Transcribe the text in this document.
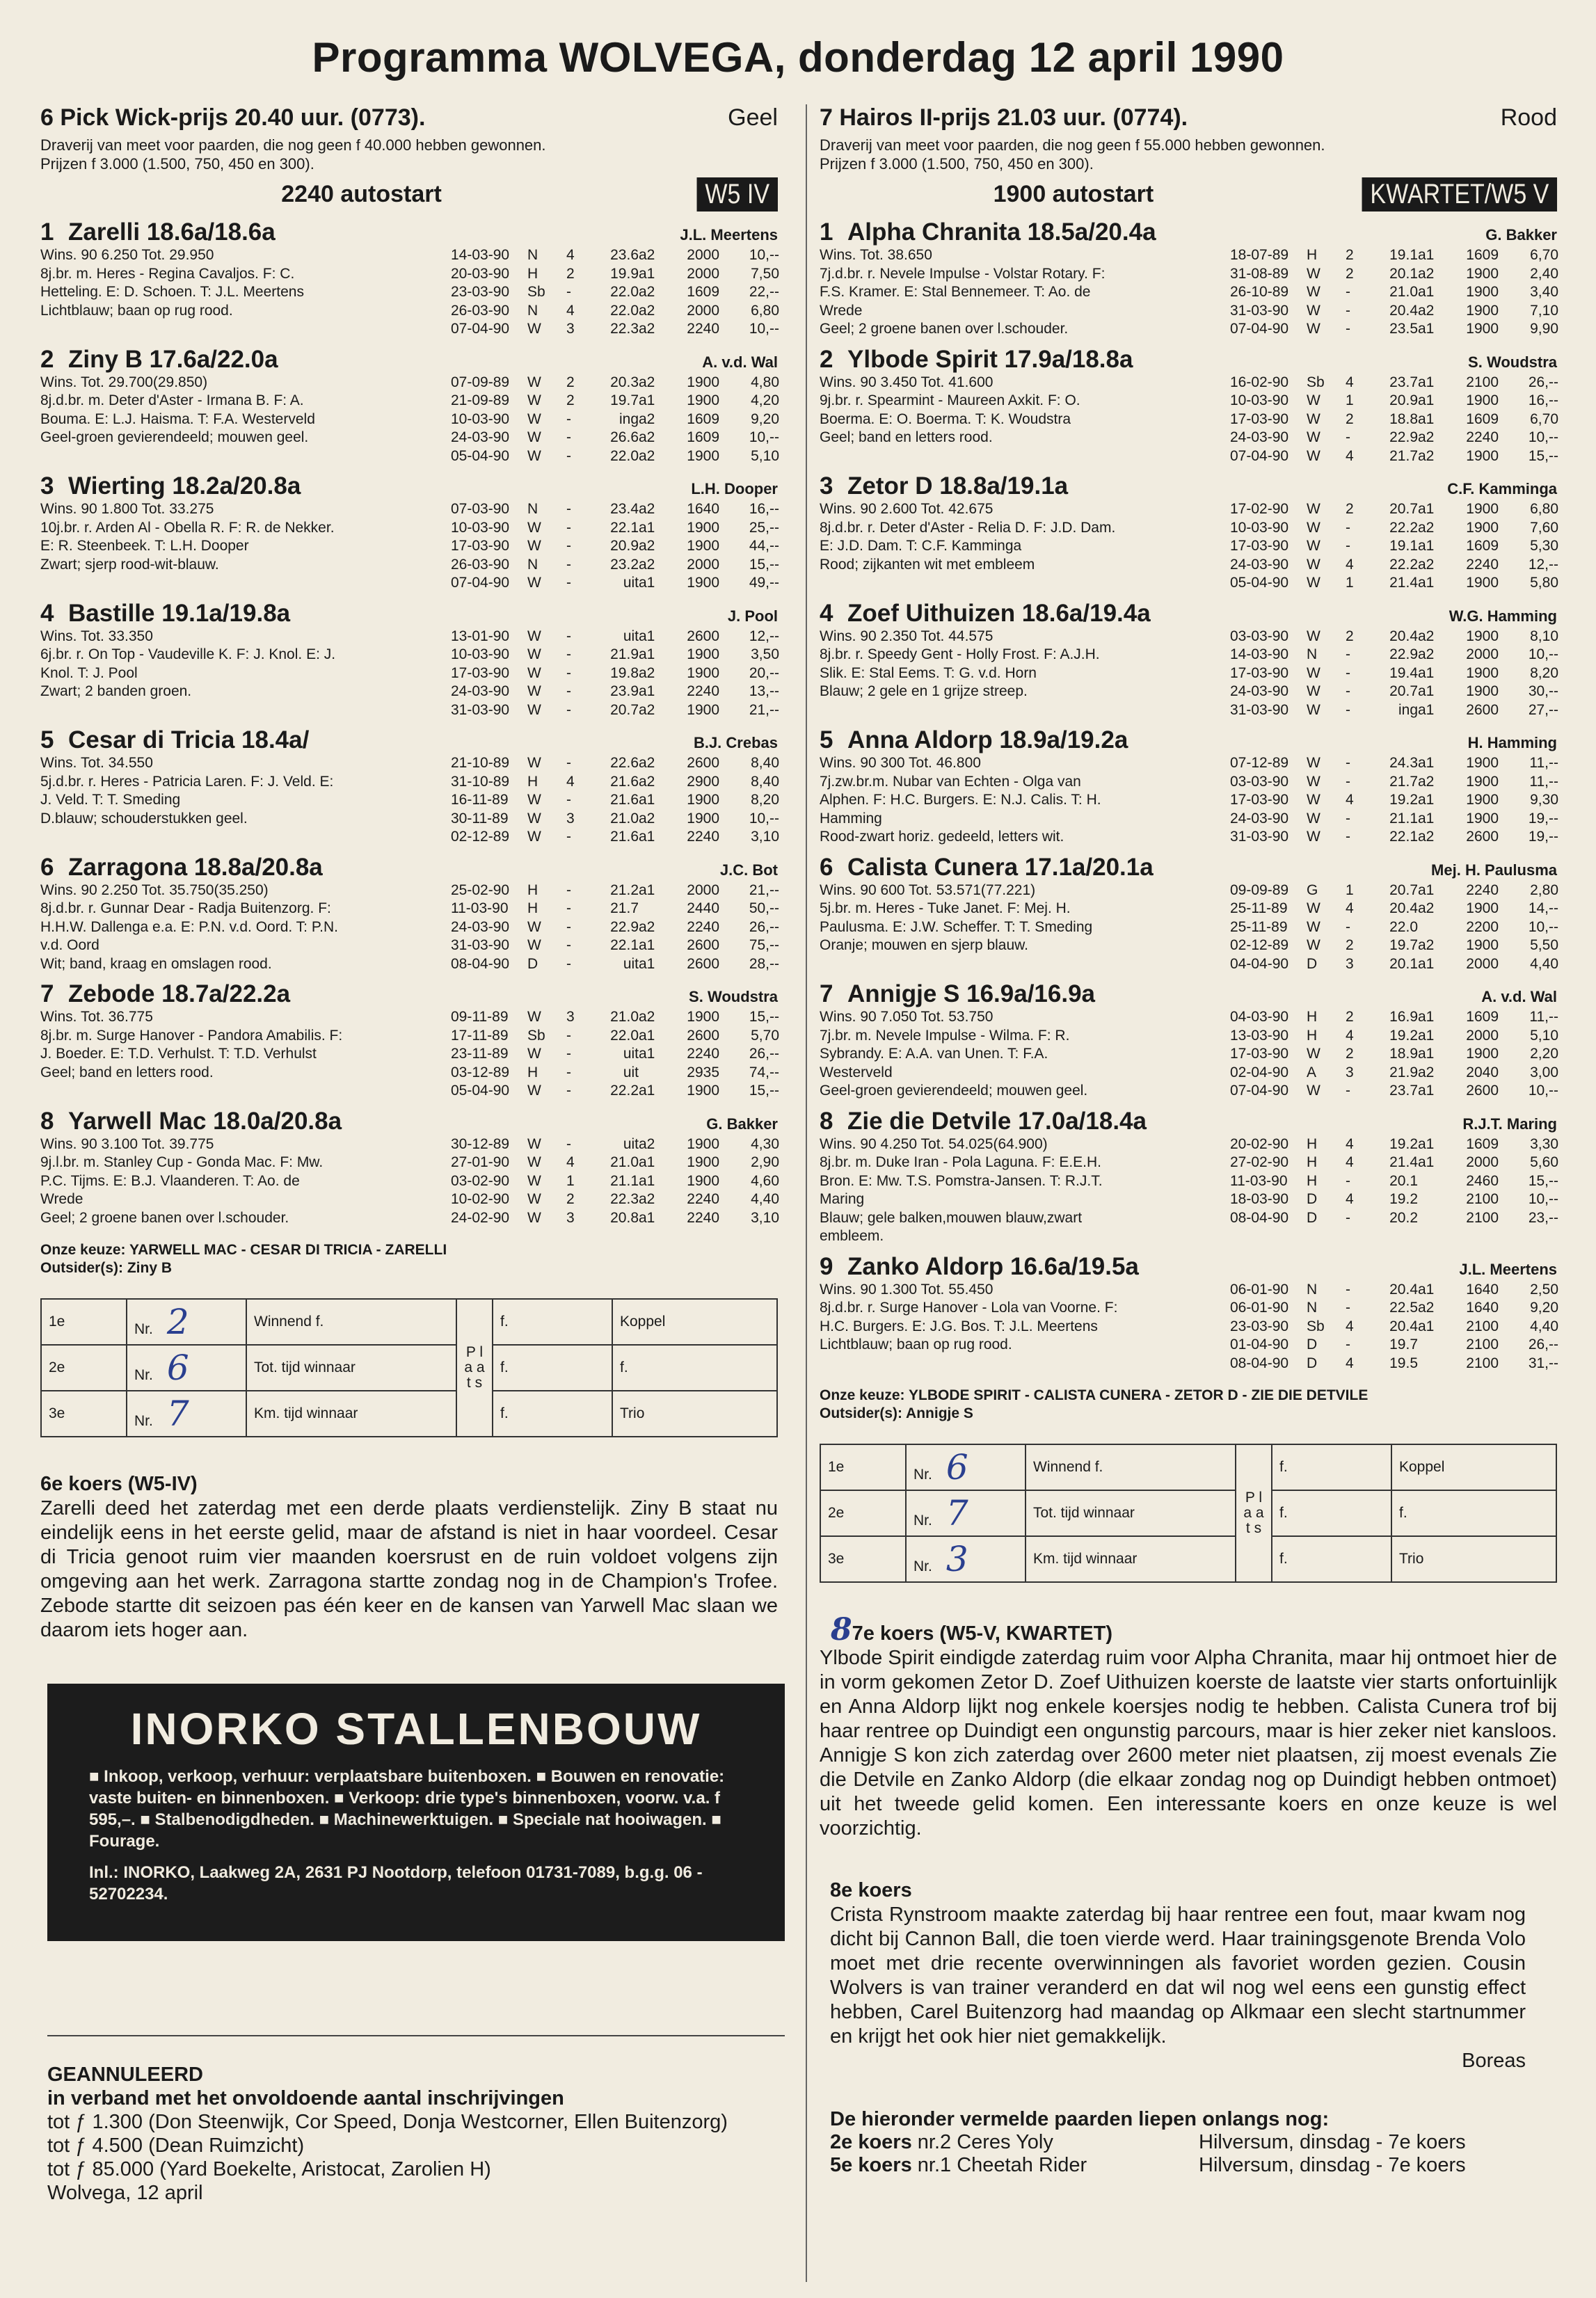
Programma WOLVEGA, donderdag 12 april 1990
6 Pick Wick-prijs 20.40 uur. (0773).	Geel
Draverij van meet voor paarden, die nog geen f 40.000 hebben gewonnen.
Prijzen f 3.000 (1.500, 750, 450 en 300).
2240 autostart	W5 IV
1 Zarelli 18.6a/18.6a	J.L. Meertens
Wins. 90 6.250 Tot. 29.950
8j.br. m. Heres - Regina Cavaljos. F: C.
Hetteling. E: D. Schoen. T: J.L. Meertens
Lichtblauw; baan op rug rood.
14-03-90	N	4	23.6 a2	2000	10,--
20-03-90	H	2	19.9 a1	2000	7,50
23-03-90	Sb	-	22.0 a2	1609	22,--
26-03-90	N	4	22.0 a2	2000	6,80
07-04-90	W	3	22.3 a2	2240	10,--
2 Ziny B 17.6a/22.0a	A. v.d. Wal
Wins. Tot. 29.700(29.850)
8j.d.br. m. Deter d'Aster - Irmana B. F: A.
Bouma. E: L.J. Haisma. T: F.A. Westerveld
Geel-groen gevierendeeld; mouwen geel.
07-09-89	W	2	20.3 a2	1900	4,80
21-09-89	W	2	19.7 a1	1900	4,20
10-03-90	W	-	ing a2	1609	9,20
24-03-90	W	-	26.6 a2	1609	10,--
05-04-90	W	-	22.0 a2	1900	5,10
3 Wierting 18.2a/20.8a	L.H. Dooper
Wins. 90 1.800 Tot. 33.275
10j.br. r. Arden Al - Obella R. F: R. de Nekker.
E: R. Steenbeek. T: L.H. Dooper
Zwart; sjerp rood-wit-blauw.
07-03-90	N	-	23.4 a2	1640	16,--
10-03-90	W	-	22.1 a1	1900	25,--
17-03-90	W	-	20.9 a2	1900	44,--
26-03-90	N	-	23.2 a2	2000	15,--
07-04-90	W	-	uit a1	1900	49,--
4 Bastille 19.1a/19.8a	J. Pool
Wins. Tot. 33.350
6j.br. r. On Top - Vaudeville K. F: J. Knol. E: J.
Knol. T: J. Pool
Zwart; 2 banden groen.
13-01-90	W	-	uit a1	2600	12,--
10-03-90	W	-	21.9 a1	1900	3,50
17-03-90	W	-	19.8 a2	1900	20,--
24-03-90	W	-	23.9 a1	2240	13,--
31-03-90	W	-	20.7 a2	1900	21,--
5 Cesar di Tricia 18.4a/	B.J. Crebas
Wins. Tot. 34.550
5j.d.br. r. Heres - Patricia Laren. F: J. Veld. E:
J. Veld. T: T. Smeding
D.blauw; schouderstukken geel.
21-10-89	W	-	22.6 a2	2600	8,40
31-10-89	H	4	21.6 a2	2900	8,40
16-11-89	W	-	21.6 a1	1900	8,20
30-11-89	W	3	21.0 a2	1900	10,--
02-12-89	W	-	21.6 a1	2240	3,10
6 Zarragona 18.8a/20.8a	J.C. Bot
Wins. 90 2.250 Tot. 35.750(35.250)
8j.d.br. r. Gunnar Dear - Radja Buitenzorg. F:
H.H.W. Dallenga e.a. E: P.N. v.d. Oord. T: P.N.
v.d. Oord
Wit; band, kraag en omslagen rood.
25-02-90	H	-	21.2 a1	2000	21,--
11-03-90	H	-	21.7	2440	50,--
24-03-90	W	-	22.9 a2	2240	26,--
31-03-90	W	-	22.1 a1	2600	75,--
08-04-90	D	-	uit a1	2600	28,--
7 Zebode 18.7a/22.2a	S. Woudstra
Wins. Tot. 36.775
8j.br. m. Surge Hanover - Pandora Amabilis. F:
J. Boeder. E: T.D. Verhulst. T: T.D. Verhulst
Geel; band en letters rood.
09-11-89	W	3	21.0 a2	1900	15,--
17-11-89	Sb	-	22.0 a1	2600	5,70
23-11-89	W	-	uit a1	2240	26,--
03-12-89	H	-	uit	2935	74,--
05-04-90	W	-	22.2 a1	1900	15,--
8 Yarwell Mac 18.0a/20.8a	G. Bakker
Wins. 90 3.100 Tot. 39.775
9j.l.br. m. Stanley Cup - Gonda Mac. F: Mw.
P.C. Tijms. E: B.J. Vlaanderen. T: Ao. de
Wrede
Geel; 2 groene banen over l.schouder.
30-12-89	W	-	uit a2	1900	4,30
27-01-90	W	4	21.0 a1	1900	2,90
03-02-90	W	1	21.1 a1	1900	4,60
10-02-90	W	2	22.3 a2	2240	4,40
24-02-90	W	3	20.8 a1	2240	3,10
Onze keuze: YARWELL MAC - CESAR DI TRICIA - ZARELLI
Outsider(s): Ziny B
1e	Nr. 2	Winnend f.	P l a a t s	f.	Koppel
2e	Nr. 6	Tot. tijd winnaar		f.	f.
3e	Nr. 7	Km. tijd winnaar		f.	Trio
6e koers (W5-IV)

Zarelli deed het zaterdag met een derde plaats verdienstelijk. Ziny B staat nu eindelijk eens in het eerste gelid, maar de afstand is niet in haar voordeel. Cesar di Tricia genoot ruim vier maanden koersrust en de ruin voldoet volgens zijn omgeving aan het werk. Zarragona startte zondag nog in de Champion's Trofee. Zebode startte dit seizoen pas één keer en de kansen van Yarwell Mac slaan we daarom iets hoger aan.

7 Hairos II-prijs 21.03 uur. (0774).	Rood
Draverij van meet voor paarden, die nog geen f 55.000 hebben gewonnen.
Prijzen f 3.000 (1.500, 750, 450 en 300).
1900 autostart	KWARTET/W5 V
1 Alpha Chranita 18.5a/20.4a	G. Bakker
Wins. Tot. 38.650
7j.d.br. r. Nevele Impulse - Volstar Rotary. F:
F.S. Kramer. E: Stal Bennemeer. T: Ao. de
Wrede
Geel; 2 groene banen over l.schouder.
18-07-89	H	2	19.1 a1	1609	6,70
31-08-89	W	2	20.1 a2	1900	2,40
26-10-89	W	-	21.0 a1	1900	3,40
31-03-90	W	-	20.4 a2	1900	7,10
07-04-90	W	-	23.5 a1	1900	9,90
2 Ylbode Spirit 17.9a/18.8a	S. Woudstra
Wins. 90 3.450 Tot. 41.600
9j.br. r. Spearmint - Maureen Axkit. F: O.
Boerma. E: O. Boerma. T: K. Woudstra
Geel; band en letters rood.
16-02-90	Sb	4	23.7 a1	2100	26,--
10-03-90	W	1	20.9 a1	1900	16,--
17-03-90	W	2	18.8 a1	1609	6,70
24-03-90	W	-	22.9 a2	2240	10,--
07-04-90	W	4	21.7 a2	1900	15,--
3 Zetor D 18.8a/19.1a	C.F. Kamminga
Wins. 90 2.600 Tot. 42.675
8j.d.br. r. Deter d'Aster - Relia D. F: J.D. Dam.
E: J.D. Dam. T: C.F. Kamminga
Rood; zijkanten wit met embleem
17-02-90	W	2	20.7 a1	1900	6,80
10-03-90	W	-	22.2 a2	1900	7,60
17-03-90	W	-	19.1 a1	1609	5,30
24-03-90	W	4	22.2 a2	2240	12,--
05-04-90	W	1	21.4 a1	1900	5,80
4 Zoef Uithuizen 18.6a/19.4a	W.G. Hamming
Wins. 90 2.350 Tot. 44.575
8j.br. r. Speedy Gent - Holly Frost. F: A.J.H.
Slik. E: Stal Eems. T: G. v.d. Horn
Blauw; 2 gele en 1 grijze streep.
03-03-90	W	2	20.4 a2	1900	8,10
14-03-90	N	-	22.9 a2	2000	10,--
17-03-90	W	-	19.4 a1	1900	8,20
24-03-90	W	-	20.7 a1	1900	30,--
31-03-90	W	-	ing a1	2600	27,--
5 Anna Aldorp 18.9a/19.2a	H. Hamming
Wins. 90 300 Tot. 46.800
7j.zw.br.m. Nubar van Echten - Olga van
Alphen. F: H.C. Burgers. E: N.J. Calis. T: H.
Hamming
Rood-zwart horiz. gedeeld, letters wit.
07-12-89	W	-	24.3 a1	1900	11,--
03-03-90	W	-	21.7 a2	1900	11,--
17-03-90	W	4	19.2 a1	1900	9,30
24-03-90	W	-	21.1 a1	1900	19,--
31-03-90	W	-	22.1 a2	2600	19,--
6 Calista Cunera 17.1a/20.1a	Mej. H. Paulusma
Wins. 90 600 Tot. 53.571(77.221)
5j.br. m. Heres - Tuke Janet. F: Mej. H.
Paulusma. E: J.W. Scheffer. T: T. Smeding
Oranje; mouwen en sjerp blauw.
09-09-89	G	1	20.7 a1	2240	2,80
25-11-89	W	4	20.4 a2	1900	14,--
25-11-89	W	-	22.0	2200	10,--
02-12-89	W	2	19.7 a2	1900	5,50
04-04-90	D	3	20.1 a1	2000	4,40
7 Annigje S 16.9a/16.9a	A. v.d. Wal
Wins. 90 7.050 Tot. 53.750
7j.br. m. Nevele Impulse - Wilma. F: R.
Sybrandy. E: A.A. van Unen. T: F.A.
Westerveld
Geel-groen gevierendeeld; mouwen geel.
04-03-90	H	2	16.9 a1	1609	11,--
13-03-90	H	4	19.2 a1	2000	5,10
17-03-90	W	2	18.9 a1	1900	2,20
02-04-90	A	3	21.9 a2	2040	3,00
07-04-90	W	-	23.7 a1	2600	10,--
8 Zie die Detvile 17.0a/18.4a	R.J.T. Maring
Wins. 90 4.250 Tot. 54.025(64.900)
8j.br. m. Duke Iran - Pola Laguna. F: E.E.H.
Bron. E: Mw. T.S. Pomstra-Jansen. T: R.J.T.
Maring
Blauw; gele balken,mouwen blauw,zwart
embleem.
20-02-90	H	4	19.2 a1	1609	3,30
27-02-90	H	4	21.4 a1	2000	5,60
11-03-90	H	-	20.1	2460	15,--
18-03-90	D	4	19.2	2100	10,--
08-04-90	D	-	20.2	2100	23,--
9 Zanko Aldorp 16.6a/19.5a	J.L. Meertens
Wins. 90 1.300 Tot. 55.450
8j.d.br. r. Surge Hanover - Lola van Voorne. F:
H.C. Burgers. E: J.G. Bos. T: J.L. Meertens
Lichtblauw; baan op rug rood.
06-01-90	N	-	20.4 a1	1640	2,50
06-01-90	N	-	22.5 a2	1640	9,20
23-03-90	Sb	4	20.4 a1	2100	4,40
01-04-90	D	-	19.7	2100	26,--
08-04-90	D	4	19.5	2100	31,--
Onze keuze: YLBODE SPIRIT - CALISTA CUNERA - ZETOR D - ZIE DIE DETVILE
Outsider(s): Annigje S
1e	Nr. 6	Winnend f.	P l a a t s	f.	Koppel
2e	Nr. 7	Tot. tijd winnaar		f.	f.
3e	Nr. 3	Km. tijd winnaar		f.	Trio
87e koers (W5-V, KWARTET)

Ylbode Spirit eindigde zaterdag ruim voor Alpha Chranita, maar hij ontmoet hier de in vorm gekomen Zetor D. Zoef Uithuizen koerste de laatste vier starts onfortuinlijk en Anna Aldorp lijkt nog enkele koersjes nodig te hebben. Calista Cunera trof bij haar rentree op Duindigt een ongunstig parcours, maar is hier zeker niet kansloos. Annigje S kon zich zaterdag over 2600 meter niet plaatsen, zij moest evenals Zie die Detvile en Zanko Aldorp (die elkaar zondag nog op Duindigt hebben ontmoet) uit het tweede gelid komen. Een interessante koers en onze keuze is wel voorzichtig.

INORKO STALLENBOUW
■ Inkoop, verkoop, verhuur: verplaatsbare buitenboxen. ■ Bouwen en renovatie: vaste buiten- en binnenboxen. ■ Verkoop: drie type's binnenboxen, voorw. v.a. f 595,–. ■ Stalbenodigdheden. ■ Machinewerktuigen. ■ Speciale nat hooiwagen. ■ Fourage.
Inl.: INORKO, Laakweg 2A, 2631 PJ Nootdorp, telefoon 01731-7089, b.g.g. 06 - 52702234.
GEANNULEERD
in verband met het onvoldoende aantal inschrijvingen
tot ƒ 1.300 (Don Steenwijk, Cor Speed, Donja Westcorner, Ellen Buitenzorg)
tot ƒ 4.500 (Dean Ruimzicht)
tot ƒ 85.000 (Yard Boekelte, Aristocat, Zarolien H)
Wolvega, 12 april
8e koers

Crista Rynstroom maakte zaterdag bij haar rentree een fout, maar kwam nog dicht bij Cannon Ball, die toen vierde werd. Haar trainingsgenote Brenda Volo moet met drie recente overwinningen als favoriet worden gezien. Cousin Wolvers is van trainer veranderd en dat wil nog wel eens een gunstig effect hebben, Carel Buitenzorg had maandag op Alkmaar een slecht startnummer en krijgt het ook hier niet gemakkelijk.

Boreas
De hieronder vermelde paarden liepen onlangs nog:
2e koers nr.2 Ceres Yoly	Hilversum, dinsdag - 7e koers
5e koers nr.1 Cheetah Rider	Hilversum, dinsdag - 7e koers
